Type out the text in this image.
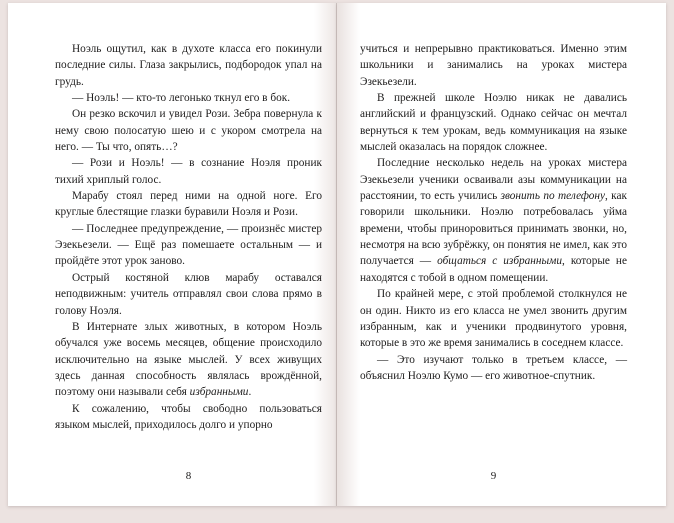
Ноэль ощутил, как в духоте класса его покинули последние силы. Глаза закрылись, подбородок упал на грудь.

— Ноэль! — кто-то легонько ткнул его в бок.

Он резко вскочил и увидел Рози. Зебра повернула к нему свою полосатую шею и с укором смотрела на него. — Ты что, опять…?

— Рози и Ноэль! — в сознание Ноэля проник тихий хриплый голос.

Марабу стоял перед ними на одной ноге. Его круглые блестящие глазки буравили Ноэля и Рози.

— Последнее предупреждение, — произнёс мистер Эзекьезели. — Ещё раз помешаете остальным — и пройдёте этот урок заново.

Острый костяной клюв марабу оставался неподвижным: учитель отправлял свои слова прямо в голову Ноэля.

В Интернате злых животных, в котором Ноэль обучался уже восемь месяцев, общение происходило исключительно на языке мыслей. У всех живущих здесь данная способность являлась врождённой, поэтому они называли себя избранными.

К сожалению, чтобы свободно пользоваться языком мыслей, приходилось долго и упорно

8

учиться и непрерывно практиковаться. Именно этим школьники и занимались на уроках мистера Эзекьезели.

В прежней школе Ноэлю никак не давались английский и французский. Однако сейчас он мечтал вернуться к тем урокам, ведь коммуникация на языке мыслей оказалась на порядок сложнее.

Последние несколько недель на уроках мистера Эзекьезели ученики осваивали азы коммуникации на расстоянии, то есть учились звонить по телефону, как говорили школьники. Ноэлю потребовалась уйма времени, чтобы приноровиться принимать звонки, но, несмотря на всю зубрёжку, он понятия не имел, как это получается — общаться с избранными, которые не находятся с тобой в одном помещении.

По крайней мере, с этой проблемой столкнулся не он один. Никто из его класса не умел звонить другим избранным, как и ученики продвинутого уровня, которые в это же время занимались в соседнем классе.

— Это изучают только в третьем классе, — объяснил Ноэлю Кумо — его животное-спутник.

9
